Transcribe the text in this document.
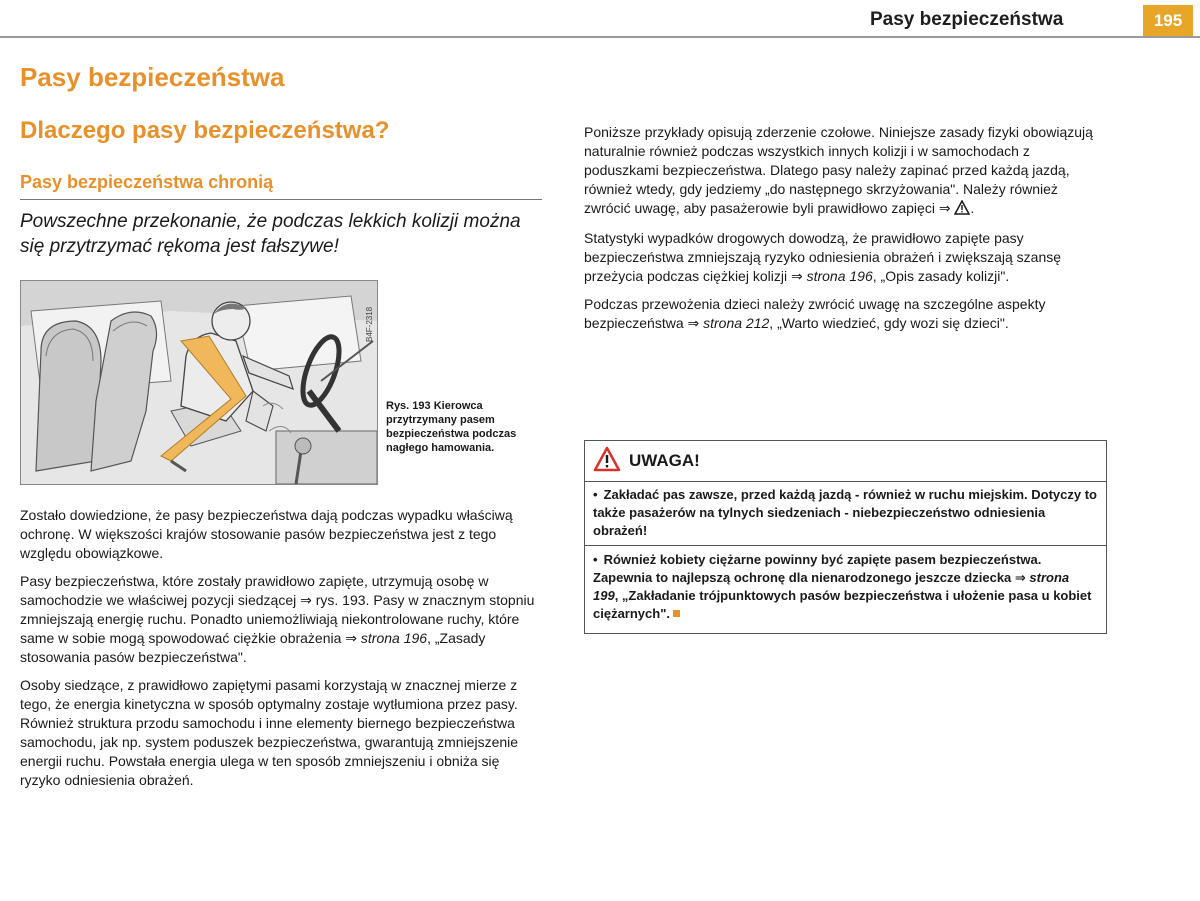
Pasy bezpieczeństwa	195
Pasy bezpieczeństwa
Dlaczego pasy bezpieczeństwa?
Pasy bezpieczeństwa chronią
Powszechne przekonanie, że podczas lekkich kolizji można się przytrzymać rękoma jest fałszywe!
B4F-2318
Rys. 193 Kierowca przytrzymany pasem bezpieczeństwa podczas nagłego hamowania.

Zostało dowiedzione, że pasy bezpieczeństwa dają podczas wypadku właściwą ochronę. W większości krajów stosowanie pasów bezpieczeństwa jest z tego względu obowiązkowe.

Pasy bezpieczeństwa, które zostały prawidłowo zapięte, utrzymują osobę w samochodzie we właściwej pozycji siedzącej ⇒ rys. 193. Pasy w znacznym stopniu zmniejszają energię ruchu. Ponadto uniemożliwiają niekontrolowane ruchy, które same w sobie mogą spowodować ciężkie obrażenia ⇒ strona 196, „Zasady stosowania pasów bezpieczeństwa".

Osoby siedzące, z prawidłowo zapiętymi pasami korzystają w znacznej mierze z tego, że energia kinetyczna w sposób optymalny zostaje wytłumiona przez pasy. Również struktura przodu samochodu i inne elementy biernego bezpieczeństwa samochodu, jak np. system poduszek bezpieczeństwa, gwarantują zmniejszenie energii ruchu. Powstała energia ulega w ten sposób zmniejszeniu i obniża się ryzyko odniesienia obrażeń.

Poniższe przykłady opisują zderzenie czołowe. Niniejsze zasady fizyki obowiązują naturalnie również podczas wszystkich innych kolizji i w samochodach z poduszkami bezpieczeństwa. Dlatego pasy należy zapinać przed każdą jazdą, również wtedy, gdy jedziemy „do następnego skrzyżowania". Należy również zwrócić uwagę, aby pasażerowie byli prawidłowo zapięci ⇒ .

Statystyki wypadków drogowych dowodzą, że prawidłowo zapięte pasy bezpieczeństwa zmniejszają ryzyko odniesienia obrażeń i zwiększają szansę przeżycia podczas ciężkiej kolizji ⇒ strona 196, „Opis zasady kolizji".

Podczas przewożenia dzieci należy zwrócić uwagę na szczególne aspekty bezpieczeństwa ⇒ strona 212, „Warto wiedzieć, gdy wozi się dzieci".

UWAGA!

• Zakładać pas zawsze, przed każdą jazdą - również w ruchu miejskim. Dotyczy to także pasażerów na tylnych siedzeniach - niebezpieczeństwo odniesienia obrażeń!

• Również kobiety ciężarne powinny być zapięte pasem bezpieczeństwa. Zapewnia to najlepszą ochronę dla nienarodzonego jeszcze dziecka ⇒ strona 199, „Zakładanie trójpunktowych pasów bezpieczeństwa i ułożenie pasa u kobiet ciężarnych".
